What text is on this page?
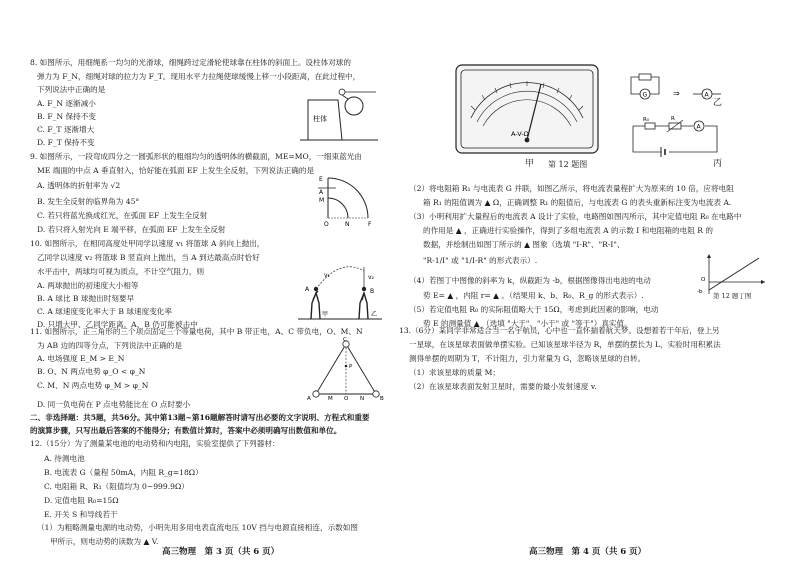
8. 如图所示，用细绳系一均匀的光滑球，细绳跨过定滑轮使球靠在柱体的斜面上。设柱体对球的
弹力为 F_N，细绳对球的拉力为 F_T。现用水平力拉绳使球缓慢上移一小段距离，在此过程中，
下列说法中正确的是
A. F_N 逐渐减小
B. F_N 保持不变
C. F_T 逐渐增大
D. F_T 保持不变
柱体
9. 如图所示，一段弯成四分之一圆弧形状的粗细均匀的透明体的横截面，ME=MO，一细束蓝光由
ME 端面的中点 A 垂直射入，恰好能在弧面 EF 上发生全反射，下列说法正确的是
A. 透明体的折射率为 √2
B. 发生全反射的临界角为 45°
C. 若只将蓝光换成红光，在弧面 EF 上发生全反射
D. 若只将入射光向 E 端平移，在弧面 EF 上发生全反射
E
A
M
O	N	F
10. 如图所示，在相同高度处甲同学以速度 v₁ 将篮球 A 斜向上抛出，
乙同学以速度 v₂ 将篮球 B 竖直向上抛出，当 A 到达最高点时恰好
水平击中，两球均可视为质点，不计空气阻力，则
A. 两球抛出的初速度大小相等
B. A 球比 B 球抛出时刻要早
C. A 球速度变化率大于 B 球速度变化率
D. 只增大甲、乙同学距离，A、B 仍可能被击中
v₁	v₂
A	B
甲	乙
11. 如图所示，正三角形的三个项点固定三个等量电荷，其中 B 带正电，A、C 带负电，O、M、N
为 AB 边的四等分点，下列说法中正确的是
A. 电场强度 E_M > E_N
B. O、N 两点电势 φ_O < φ_N
C. M、N 两点电势 φ_M > φ_N
D. 同一负电荷在 P 点电势能比在 O 点时要小
C
P
A	M O N	B
二、非选择题：共5题，共56分。其中第13题~第16题解答时请写出必要的文字说明、方程式和重要
的演算步骤，只写出最后答案的不能得分；有数值计算时，答案中必须明确写出数值和单位。
12.（15分）为了测量某电池的电动势和内电阻，实验室提供了下列器材：
A. 待测电池
B. 电流表 G（量程 50mA，内阻 R_g=18Ω）
C. 电阻箱 R、R₁（阻值均为 0~999.9Ω）
D. 定值电阻 R₀=15Ω
E. 开关 S 和导线若干
（1）为粗略测量电源的电动势，小明先用多用电表直流电压 10V 挡与电源直接相连，示数如图
甲所示，则电动势的读数为 ▲ V.
高三物理　第 3 页（共 6 页）
A-V-Ω
甲 第 12 题图
G	⇒	A
乙
A
R₀	R
丙
（2）将电阻箱 R₁ 与电流表 G 并联，如图乙所示，将电流表量程扩大为原来的 10 倍，应将电阻
箱 R₁ 的阻值调为 ▲ Ω，正确调整 R₁ 的阻值后，与电流表 G 的表头重新标注变为电流表 A.
（3）小明利用扩大量程后的电流表 A 设计了实验，电路图如图丙所示，其中定值电阻 R₀ 在电路中
的作用是 ▲ ，正确进行实验操作，得到了多组电流表 A 的示数 I 和电阻箱的电阻 R 的
数据，并绘制出如图丁所示的 ▲ 图象（选填 "I-R"、"R-I"、
"R-1/I" 或 "1/I-R" 的形式表示）.
（4）若图丁中图像的斜率为 k，纵截距为 -b，根据图像得出电池的电动
势 E= ▲ ，内阻 r= ▲ 。（结果用 k、b、R₀、R_g 的形式表示）.
（5）若定值电阻 R₀ 的实际阻值略大于 15Ω，考虑到此因素的影响，电动
势 E 的测量值 ▲ （选填 "大于"、"小于" 或 "等于"）真实值。
O
-b 第 12 题丁图
13.（6分）某同学非常适合当一名宇航员，心中也一直怀揣着航天梦。设想着若干年后，登上另
一星球，在该星球表面做单摆实验。已知该星球半径为 R，单摆的摆长为 L，实验时用积累法
测得单摆的周期为 T，不计阻力，引力常量为 G，忽略该星球的自转。
（1）求该星球的质量 M；
（2）在该星球表面发射卫星时，需要的最小发射速度 v.
高三物理　第 4 页（共 6 页）
